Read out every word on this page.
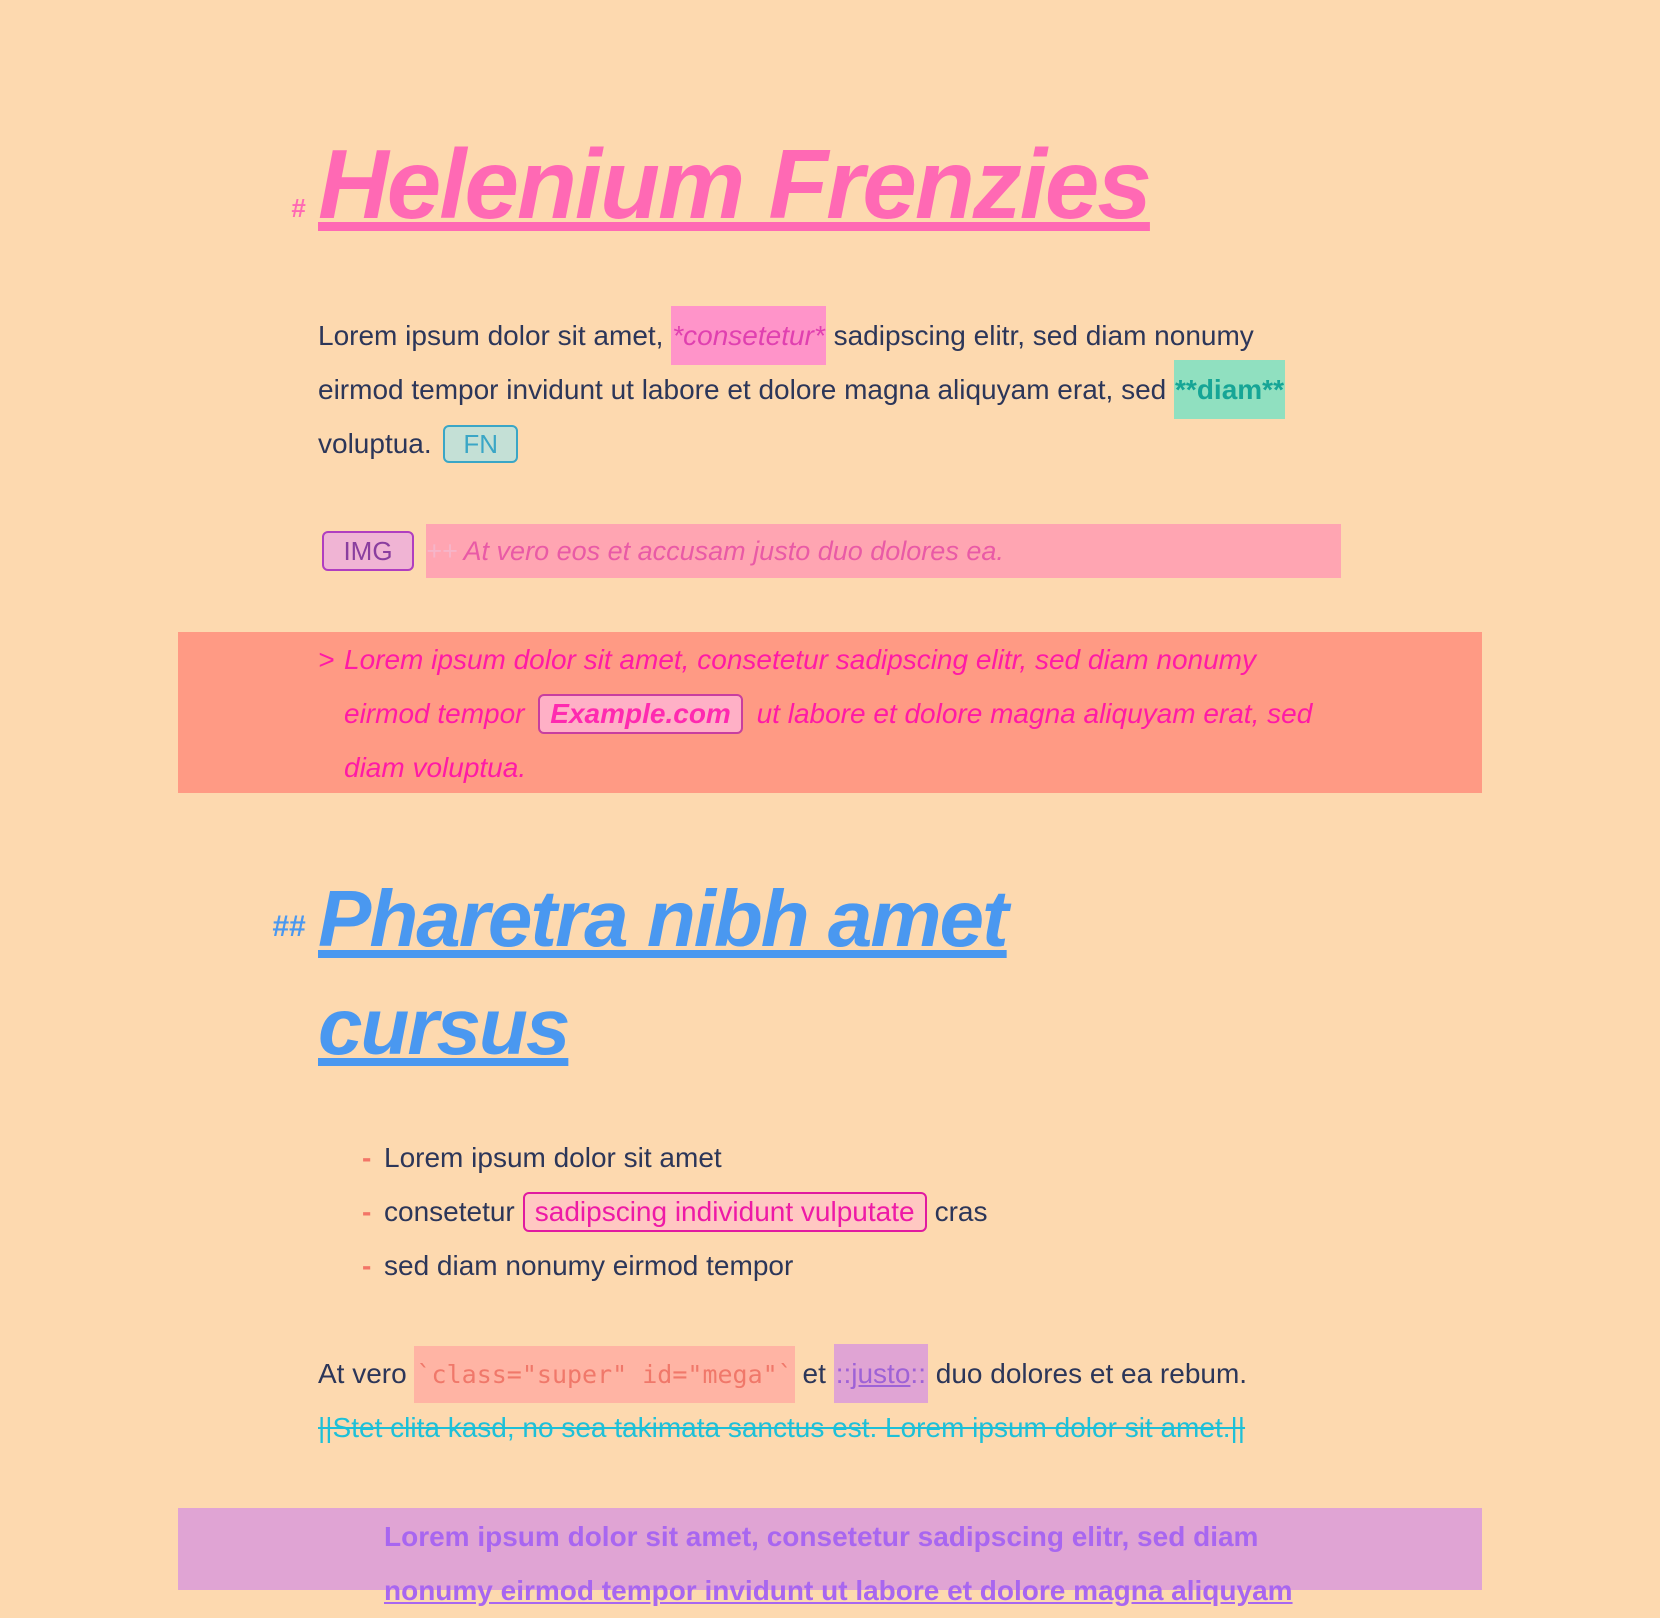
# Helenium Frenzies
Lorem ipsum dolor sit amet, *consetetur* sadipscing elitr, sed diam nonumy eirmod tempor invidunt ut labore et dolore magna aliquyam erat, sed **diam** voluptua. FN
IMG	++ At vero eos et accusam justo duo dolores ea.
> Lorem ipsum dolor sit amet, consetetur sadipscing elitr, sed diam nonumy eirmod tempor Example.com ut labore et dolore magna aliquyam erat, sed diam voluptua.
## Pharetra nibh amet cursus
- Lorem ipsum dolor sit amet
- consetetur sadipscing individunt vulputate cras
- sed diam nonumy eirmod tempor
At vero `class="super" id="mega"` et ::justo:: duo dolores et ea rebum.
||Stet clita kasd, no sea takimata sanctus est. Lorem ipsum dolor sit amet.||
Lorem ipsum dolor sit amet, consetetur sadipscing elitr, sed diam
nonumy eirmod tempor invidunt ut labore et dolore magna aliquyam
